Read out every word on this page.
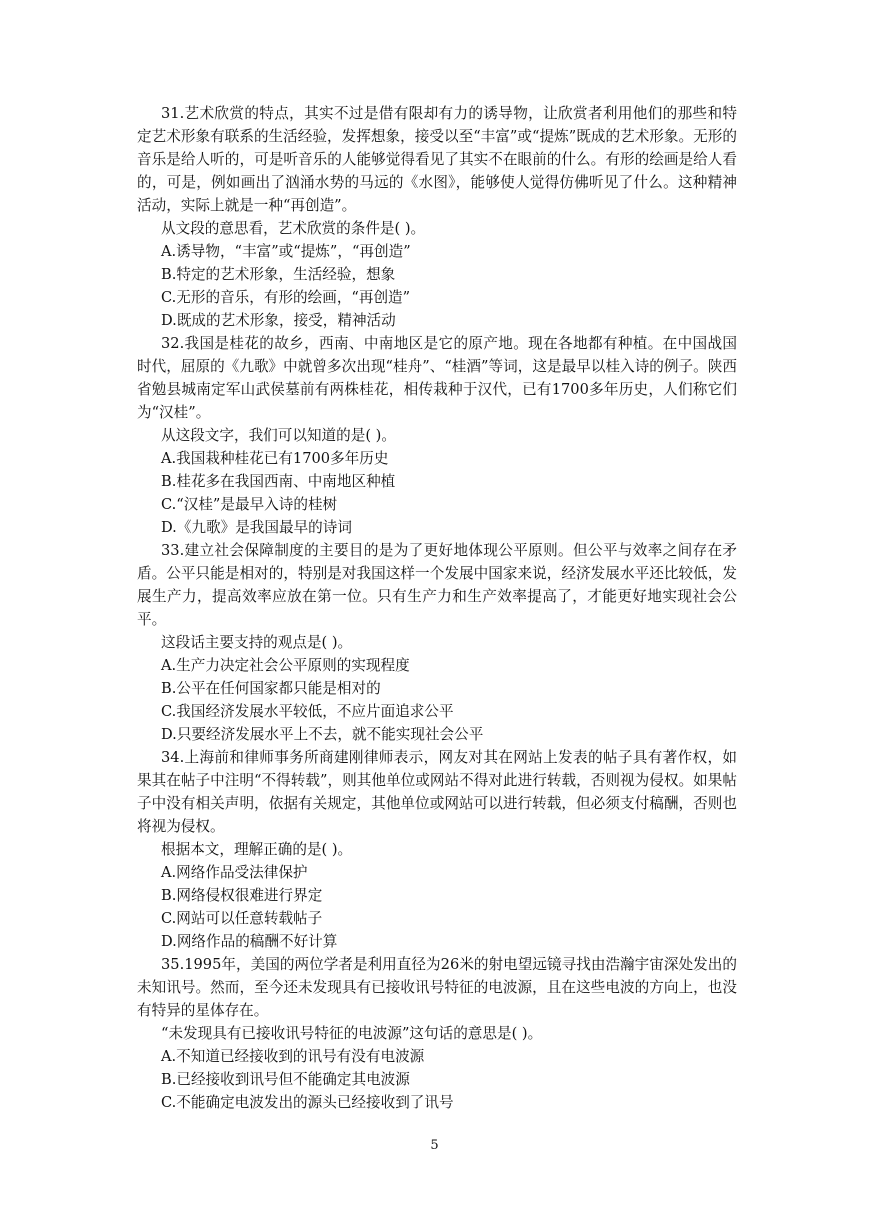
31.艺术欣赏的特点，其实不过是借有限却有力的诱导物，让欣赏者利用他们的那些和特定艺术形象有联系的生活经验，发挥想象，接受以至“丰富”或“提炼”既成的艺术形象。无形的音乐是给人听的，可是听音乐的人能够觉得看见了其实不在眼前的什么。有形的绘画是给人看的，可是，例如画出了汹涌水势的马远的《水图》，能够使人觉得仿佛听见了什么。这种精神活动，实际上就是一种“再创造”。

从文段的意思看，艺术欣赏的条件是( )。

A.诱导物，“丰富”或“提炼”，“再创造”
B.特定的艺术形象，生活经验，想象
C.无形的音乐，有形的绘画，“再创造”
D.既成的艺术形象，接受，精神活动

32.我国是桂花的故乡，西南、中南地区是它的原产地。现在各地都有种植。在中国战国时代，屈原的《九歌》中就曾多次出现“桂舟”、“桂酒”等词，这是最早以桂入诗的例子。陕西省勉县城南定军山武侯墓前有两株桂花，相传栽种于汉代，已有1700多年历史，人们称它们为“汉桂”。

从这段文字，我们可以知道的是( )。

A.我国栽种桂花已有1700多年历史
B.桂花多在我国西南、中南地区种植
C.“汉桂”是最早入诗的桂树
D.《九歌》是我国最早的诗词

33.建立社会保障制度的主要目的是为了更好地体现公平原则。但公平与效率之间存在矛盾。公平只能是相对的，特别是对我国这样一个发展中国家来说，经济发展水平还比较低，发展生产力，提高效率应放在第一位。只有生产力和生产效率提高了，才能更好地实现社会公平。

这段话主要支持的观点是( )。

A.生产力决定社会公平原则的实现程度
B.公平在任何国家都只能是相对的
C.我国经济发展水平较低，不应片面追求公平
D.只要经济发展水平上不去，就不能实现社会公平

34.上海前和律师事务所商建刚律师表示，网友对其在网站上发表的帖子具有著作权，如果其在帖子中注明“不得转载”，则其他单位或网站不得对此进行转载，否则视为侵权。如果帖子中没有相关声明，依据有关规定，其他单位或网站可以进行转载，但必须支付稿酬，否则也将视为侵权。

根据本文，理解正确的是( )。

A.网络作品受法律保护
B.网络侵权很难进行界定
C.网站可以任意转载帖子
D.网络作品的稿酬不好计算

35.1995年，美国的两位学者是利用直径为26米的射电望远镜寻找由浩瀚宇宙深处发出的未知讯号。然而，至今还未发现具有已接收讯号特征的电波源，且在这些电波的方向上，也没有特异的星体存在。

“未发现具有已接收讯号特征的电波源”这句话的意思是( )。

A.不知道已经接收到的讯号有没有电波源
B.已经接收到讯号但不能确定其电波源
C.不能确定电波发出的源头已经接收到了讯号
5
